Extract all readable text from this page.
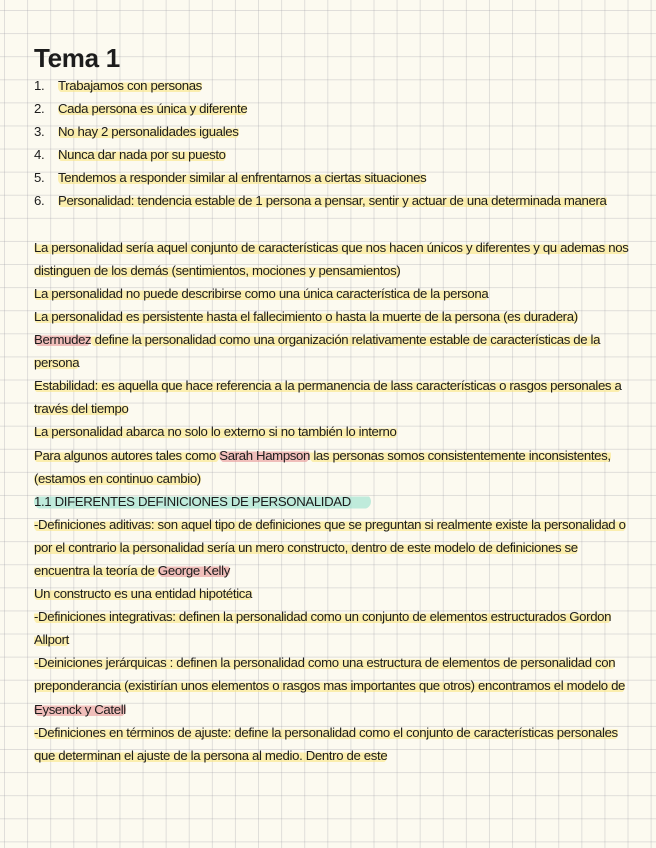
Tema 1
1. Trabajamos con personas
2. Cada persona es única y diferente
3. No hay 2 personalidades iguales
4. Nunca dar nada por su puesto
5. Tendemos a responder similar al enfrentarnos a ciertas situaciones
6. Personalidad: tendencia estable de 1 persona a pensar, sentir y actuar de una determinada manera

La personalidad sería aquel conjunto de características que nos hacen únicos y diferentes y qu ademas nos distinguen de los demás (sentimientos, mociones y pensamientos)

La personalidad no puede describirse como una única característica de la persona

La personalidad es persistente hasta el fallecimiento o hasta la muerte de la persona (es duradera)

Bermudez define la personalidad como una organización relativamente estable de características de la persona

Estabilidad: es aquella que hace referencia a la permanencia de lass características o rasgos personales a través del tiempo

La personalidad abarca no solo lo externo si no también lo interno

Para algunos autores tales como Sarah Hampson las personas somos consistentemente inconsistentes, (estamos en continuo cambio)

1.1 DIFERENTES DEFINICIONES DE PERSONALIDAD

-Definiciones aditivas: son aquel tipo de definiciones que se preguntan si realmente existe la personalidad o por el contrario la personalidad sería un mero constructo, dentro de este modelo de definiciones se encuentra la teoría de George Kelly

Un constructo es una entidad hipotética

-Definiciones integrativas: definen la personalidad como un conjunto de elementos estructurados Gordon Allport

-Deiniciones jerárquicas : definen la personalidad como una estructura de elementos de personalidad con preponderancia (existirían unos elementos o rasgos mas importantes que otros) encontramos el modelo de Eysenck y Catell

-Definiciones en términos de ajuste: define la personalidad como el conjunto de características personales que determinan el ajuste de la persona al medio. Dentro de este
